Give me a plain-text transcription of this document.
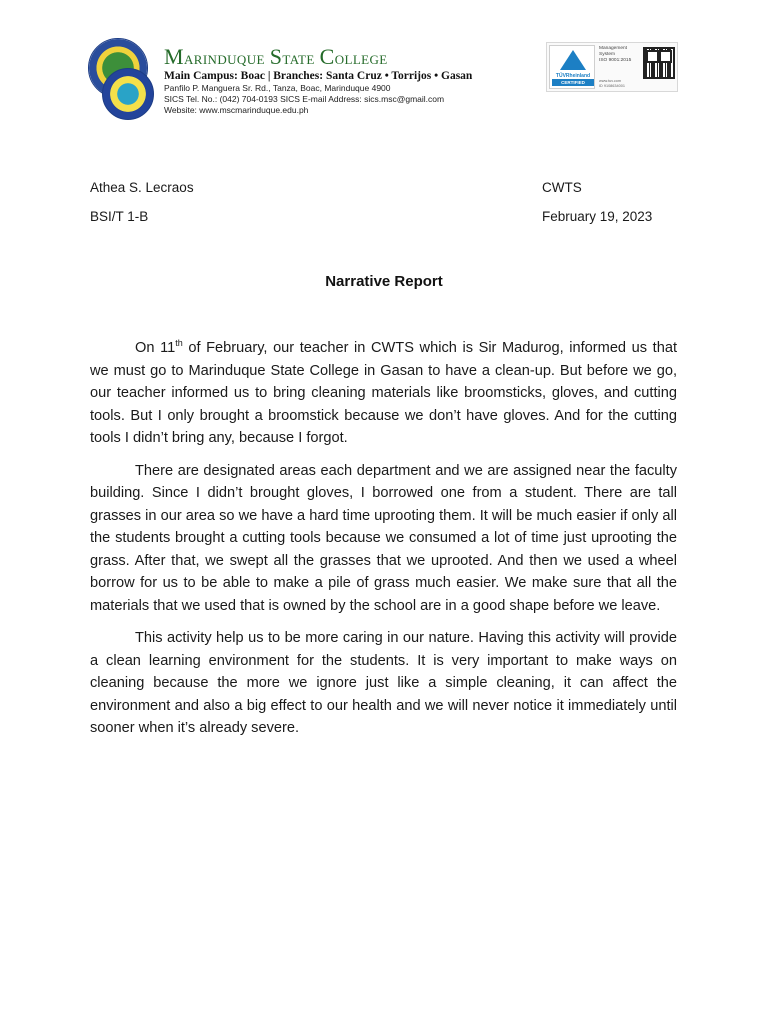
Marinduque State College
Main Campus: Boac | Branches: Santa Cruz • Torrijos • Gasan
Panfilo P. Manguera Sr. Rd., Tanza, Boac, Marinduque 4900
SICS Tel. No.: (042) 704-0193 SICS E-mail Address: sics.msc@gmail.com
Website: www.mscmarinduque.edu.ph
TÜVRheinland
CERTIFIED
Management
System
ISO 9001:2015
www.tuv.com
ID 9108634001
Athea S. Lecraos
BSI/T 1-B
CWTS
February 19, 2023
Narrative Report

On 11th of February, our teacher in CWTS which is Sir Madurog, informed us that we must go to Marinduque State College in Gasan to have a clean-up. But before we go, our teacher informed us to bring cleaning materials like broomsticks, gloves, and cutting tools. But I only brought a broomstick because we don’t have gloves. And for the cutting tools I didn’t bring any, because I forgot.

There are designated areas each department and we are assigned near the faculty building. Since I didn’t brought gloves, I borrowed one from a student. There are tall grasses in our area so we have a hard time uprooting them. It will be much easier if only all the students brought a cutting tools because we consumed a lot of time just uprooting the grass. After that, we swept all the grasses that we uprooted. And then we used a wheel borrow for us to be able to make a pile of grass much easier. We make sure that all the materials that we used that is owned by the school are in a good shape before we leave.

This activity help us to be more caring in our nature. Having this activity will provide a clean learning environment for the students. It is very important to make ways on cleaning because the more we ignore just like a simple cleaning, it can affect the environment and also a big effect to our health and we will never notice it immediately until sooner when it’s already severe.
